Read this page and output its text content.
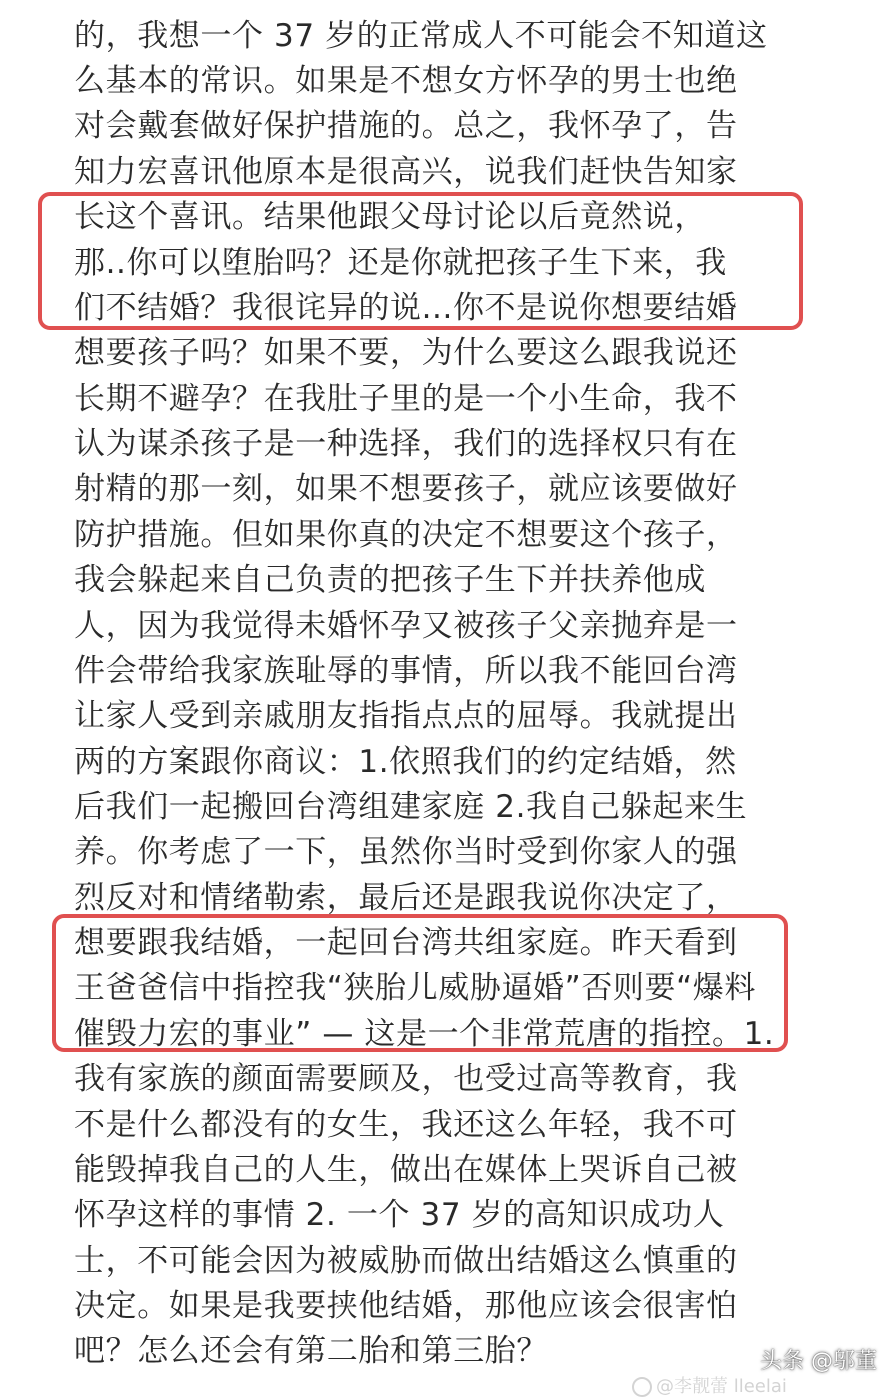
的，我想一个 37 岁的正常成人不可能会不知道这
么基本的常识。如果是不想女方怀孕的男士也绝
对会戴套做好保护措施的。总之，我怀孕了，告
知力宏喜讯他原本是很高兴，说我们赶快告知家
长这个喜讯。结果他跟父母讨论以后竟然说，
那..你可以堕胎吗？还是你就把孩子生下来，我
们不结婚？我很诧异的说...你不是说你想要结婚
想要孩子吗？如果不要，为什么要这么跟我说还
长期不避孕？在我肚子里的是一个小生命，我不
认为谋杀孩子是一种选择，我们的选择权只有在
射精的那一刻，如果不想要孩子，就应该要做好
防护措施。但如果你真的决定不想要这个孩子，
我会躲起来自己负责的把孩子生下并扶养他成
人，因为我觉得未婚怀孕又被孩子父亲抛弃是一
件会带给我家族耻辱的事情，所以我不能回台湾
让家人受到亲戚朋友指指点点的屈辱。我就提出
两的方案跟你商议：1.依照我们的约定结婚，然
后我们一起搬回台湾组建家庭 2.我自己躲起来生
养。你考虑了一下，虽然你当时受到你家人的强
烈反对和情绪勒索，最后还是跟我说你决定了，
想要跟我结婚，一起回台湾共组家庭。昨天看到
王爸爸信中指控我“狭胎儿威胁逼婚”否则要“爆料
催毁力宏的事业” — 这是一个非常荒唐的指控。1.
我有家族的颜面需要顾及，也受过高等教育，我
不是什么都没有的女生，我还这么年轻，我不可
能毁掉我自己的人生，做出在媒体上哭诉自己被
怀孕这样的事情 2. 一个 37 岁的高知识成功人
士，不可能会因为被威胁而做出结婚这么慎重的
决定。如果是我要挟他结婚，那他应该会很害怕
吧？怎么还会有第二胎和第三胎？
@李靓蕾 lleelai
头条 @邬董
